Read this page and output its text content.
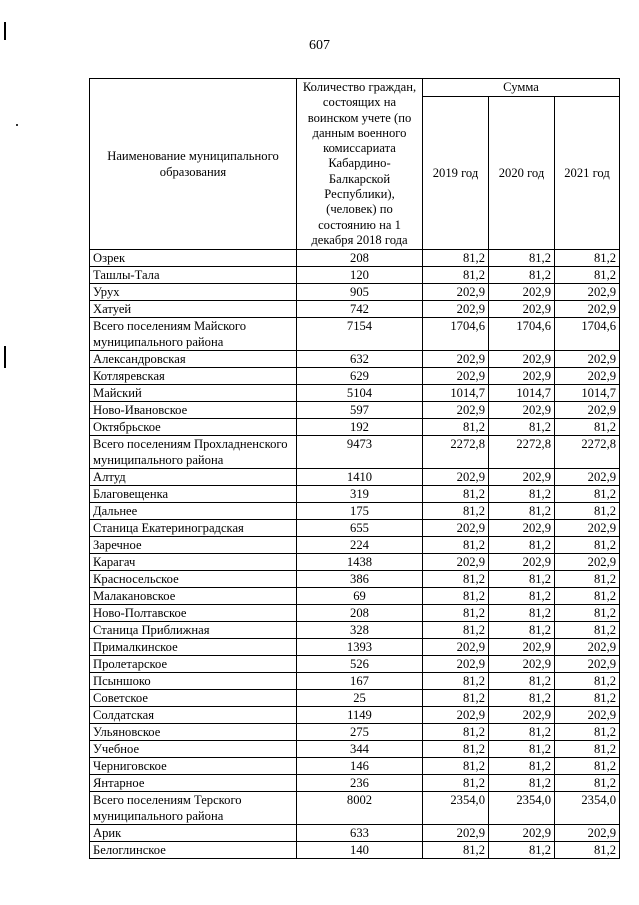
607
Наименование муниципального образования	Количество граждан, состоящих на воинском учете (по данным военного комиссариата Кабардино-Балкарской Республики), (человек) по состоянию на 1 декабря 2018 года	Сумма		
		2019 год	2020 год	2021 год
Озрек	208	81,2	81,2	81,2
Ташлы-Тала	120	81,2	81,2	81,2
Урух	905	202,9	202,9	202,9
Хатуей	742	202,9	202,9	202,9
Всего поселениям Майского муниципального района	7154	1704,6	1704,6	1704,6
Александровская	632	202,9	202,9	202,9
Котляревская	629	202,9	202,9	202,9
Майский	5104	1014,7	1014,7	1014,7
Ново-Ивановское	597	202,9	202,9	202,9
Октябрьское	192	81,2	81,2	81,2
Всего поселениям Прохладненского муниципального района	9473	2272,8	2272,8	2272,8
Алтуд	1410	202,9	202,9	202,9
Благовещенка	319	81,2	81,2	81,2
Дальнее	175	81,2	81,2	81,2
Станица Екатериноградская	655	202,9	202,9	202,9
Заречное	224	81,2	81,2	81,2
Карагач	1438	202,9	202,9	202,9
Красносельское	386	81,2	81,2	81,2
Малакановское	69	81,2	81,2	81,2
Ново-Полтавское	208	81,2	81,2	81,2
Станица Приближная	328	81,2	81,2	81,2
Прималкинское	1393	202,9	202,9	202,9
Пролетарское	526	202,9	202,9	202,9
Псыншоко	167	81,2	81,2	81,2
Советское	25	81,2	81,2	81,2
Солдатская	1149	202,9	202,9	202,9
Ульяновское	275	81,2	81,2	81,2
Учебное	344	81,2	81,2	81,2
Черниговское	146	81,2	81,2	81,2
Янтарное	236	81,2	81,2	81,2
Всего поселениям Терского муниципального района	8002	2354,0	2354,0	2354,0
Арик	633	202,9	202,9	202,9
Белоглинское	140	81,2	81,2	81,2
